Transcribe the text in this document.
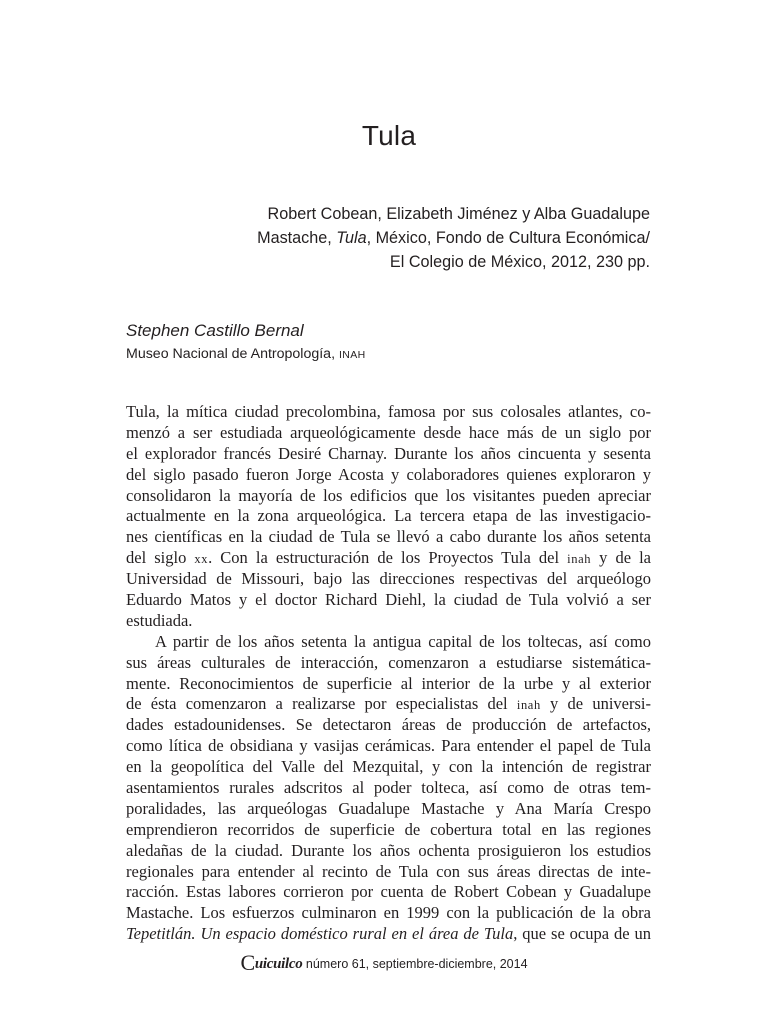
Tula
Robert Cobean, Elizabeth Jiménez y Alba Guadalupe
Mastache, Tula, México, Fondo de Cultura Económica/
El Colegio de México, 2012, 230 pp.
Stephen Castillo Bernal
Museo Nacional de Antropología, INAH
Tula, la mítica ciudad precolombina, famosa por sus colosales atlantes, co-
menzó a ser estudiada arqueológicamente desde hace más de un siglo por
el explorador francés Desiré Charnay. Durante los años cincuenta y sesenta
del siglo pasado fueron Jorge Acosta y colaboradores quienes exploraron y
consolidaron la mayoría de los edificios que los visitantes pueden apreciar
actualmente en la zona arqueológica. La tercera etapa de las investigacio-
nes científicas en la ciudad de Tula se llevó a cabo durante los años setenta
del siglo xx. Con la estructuración de los Proyectos Tula del inah y de la
Universidad de Missouri, bajo las direcciones respectivas del arqueólogo
Eduardo Matos y el doctor Richard Diehl, la ciudad de Tula volvió a ser
estudiada.
A partir de los años setenta la antigua capital de los toltecas, así como
sus áreas culturales de interacción, comenzaron a estudiarse sistemática-
mente. Reconocimientos de superficie al interior de la urbe y al exterior
de ésta comenzaron a realizarse por especialistas del inah y de universi-
dades estadounidenses. Se detectaron áreas de producción de artefactos,
como lítica de obsidiana y vasijas cerámicas. Para entender el papel de Tula
en la geopolítica del Valle del Mezquital, y con la intención de registrar
asentamientos rurales adscritos al poder tolteca, así como de otras tem-
poralidades, las arqueólogas Guadalupe Mastache y Ana María Crespo
emprendieron recorridos de superficie de cobertura total en las regiones
aledañas de la ciudad. Durante los años ochenta prosiguieron los estudios
regionales para entender al recinto de Tula con sus áreas directas de inte-
racción. Estas labores corrieron por cuenta de Robert Cobean y Guadalupe
Mastache. Los esfuerzos culminaron en 1999 con la publicación de la obra
Tepetitlán. Un espacio doméstico rural en el área de Tula, que se ocupa de un
Cuicuilco número 61, septiembre-diciembre, 2014
